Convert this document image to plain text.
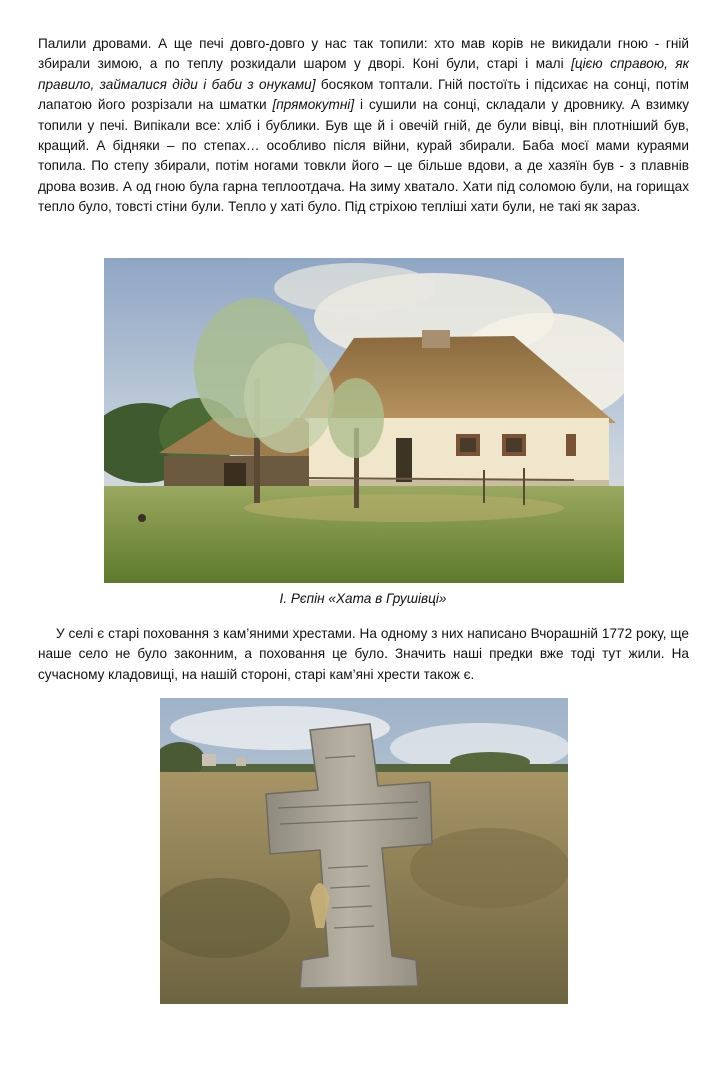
Палили дровами. А ще печі довго-довго у нас так топили: хто мав корів не викидали гною - гній збирали зимою, а по теплу розкидали шаром у дворі. Коні були, старі і малі [цією справою, як правило, займалися діди і баби з онуками] босяком топтали. Гній постоїть і підсихає на сонці, потім лапатою його розрізали на шматки [прямокутні] і сушили на сонці, складали у дровнику. А взимку топили у печі. Випікали все: хліб і бублики. Був ще й і овечій гній, де були вівці, він плотніший був, кращий. А бідняки – по степах… особливо після війни, курай збирали. Баба моєї мами кураями топила. По степу збирали, потім ногами товкли його – це більше вдови, а де хазяїн був - з плавнів дрова возив. А од гною була гарна теплоотдача. На зиму хватало. Хати під соломою були, на горищах тепло було, товсті стіни були. Тепло у хаті було. Під стріхою тепліші хати були, не такі як зараз.
І. Рєпін «Хата в Грушівці»
У селі є старі поховання з кам’яними хрестами. На одному з них написано Вчорашній 1772 року, ще наше село не було законним, а поховання це було. Значить наші предки вже тоді тут жили. На сучасному кладовищі, на нашій стороні, старі кам’яні хрести також є.
